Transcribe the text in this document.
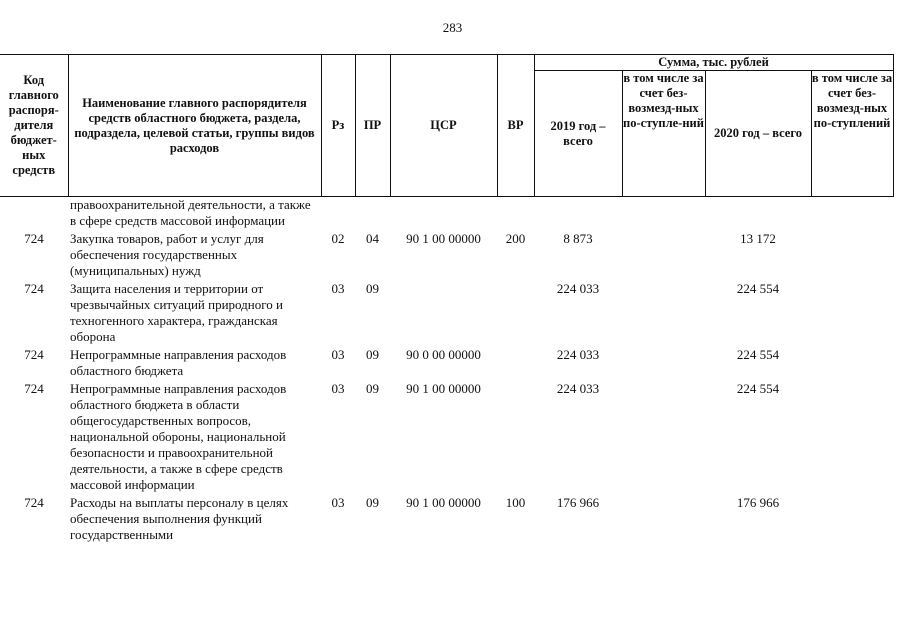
283
Код главного распоря-дителя бюджет-ных средств	Наименование главного распорядителя средств областного бюджета, раздела, подраздела, целевой статьи, группы видов расходов	Рз	ПР	ЦСР	ВР	Сумма, тыс. рублей			
						2019 год – всего	в том числе за счет без-возмезд-ных по-ступле-ний	2020 год – всего	в том числе за счет без-возмезд-ных по-ступлений
	правоохранительной деятельности, а также в сфере средств массовой информации								
724	Закупка товаров, работ и услуг для обеспечения государственных (муниципальных) нужд	02	04	90 1 00 00000	200	8 873		13 172	
724	Защита населения и территории от чрезвычайных ситуаций природного и техногенного характера, гражданская оборона	03	09			224 033		224 554	
724	Непрограммные направления расходов областного бюджета	03	09	90 0 00 00000		224 033		224 554	
724	Непрограммные направления расходов областного бюджета в области общегосударственных вопросов, национальной обороны, национальной безопасности и правоохранительной деятельности, а также в сфере средств массовой информации	03	09	90 1 00 00000		224 033		224 554	
724	Расходы на выплаты персоналу в целях обеспечения выполнения функций государственными	03	09	90 1 00 00000	100	176 966		176 966	
